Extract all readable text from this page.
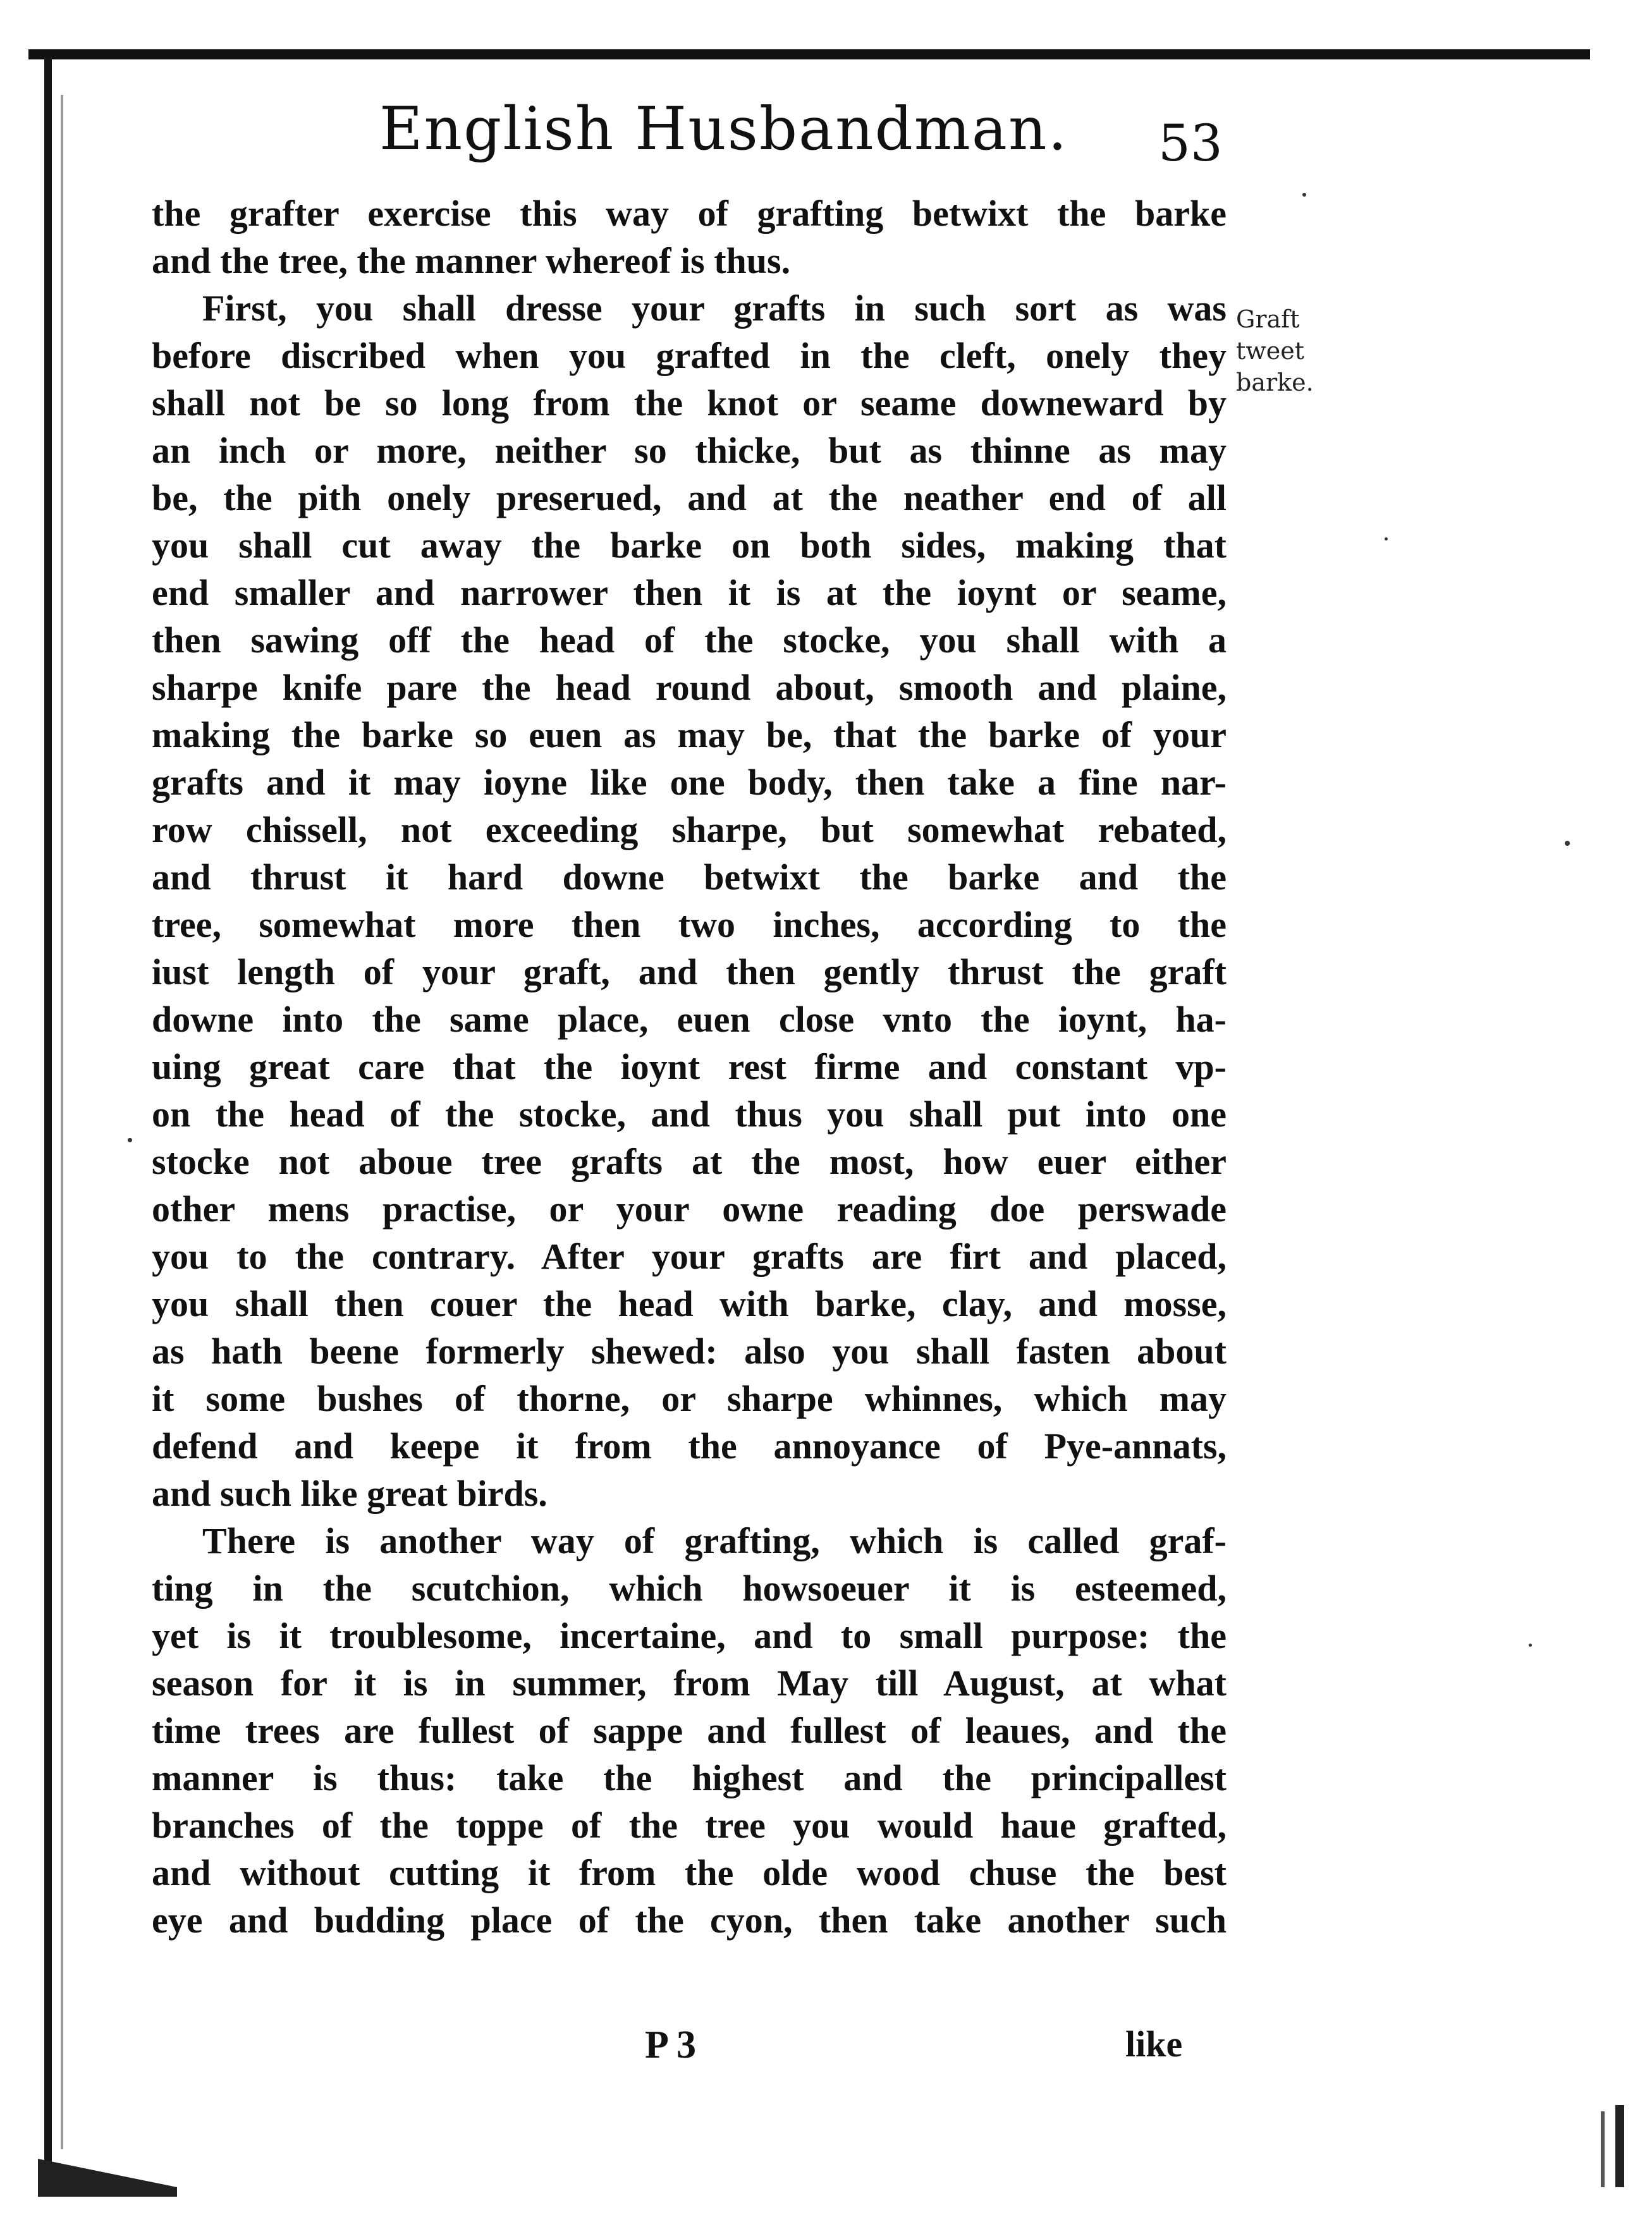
English Husbandman. 53
Graft
tweet
barke.
the grafter exercise this way of grafting betwixt the barke
and the tree, the manner whereof is thus.
First, you shall dresse your grafts in such sort as was
before discribed when you grafted in the cleft, onely they
shall not be so long from the knot or seame downeward by
an inch or more, neither so thicke, but as thinne as may
be, the pith onely preserued, and at the neather end of all
you shall cut away the barke on both sides, making that
end smaller and narrower then it is at the ioynt or seame,
then sawing off the head of the stocke, you shall with a
sharpe knife pare the head round about, smooth and plaine,
making the barke so euen as may be, that the barke of your
grafts and it may ioyne like one body, then take a fine nar-
row chissell, not exceeding sharpe, but somewhat rebated,
and thrust it hard downe betwixt the barke and the
tree, somewhat more then two inches, according to the
iust length of your graft, and then gently thrust the graft
downe into the same place, euen close vnto the ioynt, ha-
uing great care that the ioynt rest firme and constant vp-
on the head of the stocke, and thus you shall put into one
stocke not aboue tree grafts at the most, how euer either
other mens practise, or your owne reading doe perswade
you to the contrary. After your grafts are firt and placed,
you shall then couer the head with barke, clay, and mosse,
as hath beene formerly shewed: also you shall fasten about
it some bushes of thorne, or sharpe whinnes, which may
defend and keepe it from the annoyance of Pye-annats,
and such like great birds.
There is another way of grafting, which is called graf-
ting in the scutchion, which howsoeuer it is esteemed,
yet is it troublesome, incertaine, and to small purpose: the
season for it is in summer, from May till August, at what
time trees are fullest of sappe and fullest of leaues, and the
manner is thus: take the highest and the principallest
branches of the toppe of the tree you would haue grafted,
and without cutting it from the olde wood chuse the best
eye and budding place of the cyon, then take another such
P 3	like
